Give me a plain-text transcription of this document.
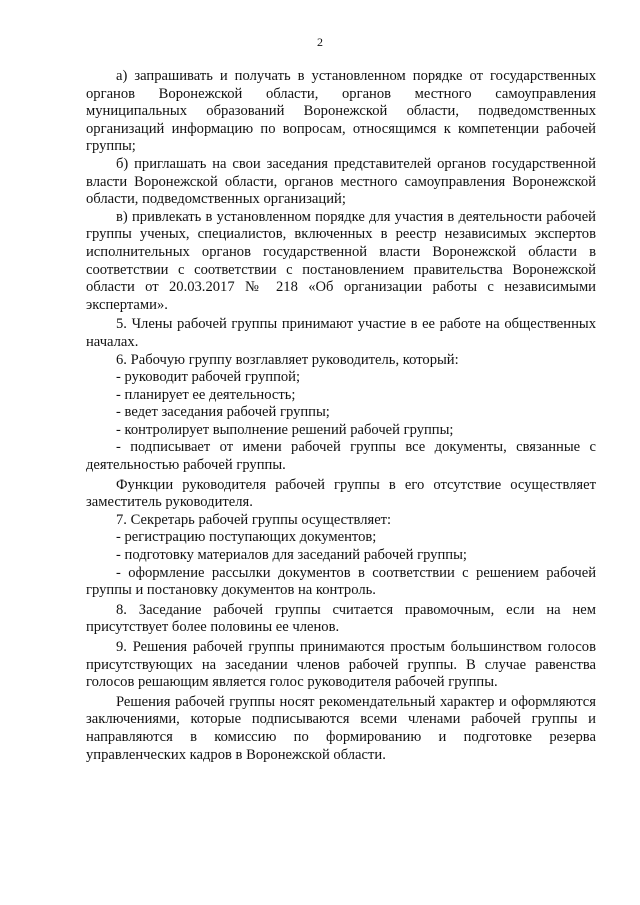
2

а) запрашивать и получать в установленном порядке от государственных органов Воронежской области, органов местного самоуправления муниципальных образований Воронежской области, подведомственных организаций информацию по вопросам, относящимся к компетенции рабочей группы;

б) приглашать на свои заседания представителей органов государственной власти Воронежской области, органов местного самоуправления Воронежской области, подведомственных организаций;

в) привлекать в установленном порядке для участия в деятельности рабочей группы ученых, специалистов, включенных в реестр независимых экспертов исполнительных органов государственной власти Воронежской области в соответствии с соответствии с постановлением правительства Воронежской области от 20.03.2017 № 218 «Об организации работы с независимыми экспертами».

5. Члены рабочей группы принимают участие в ее работе на общественных началах.

6. Рабочую группу возглавляет руководитель, который:

- руководит рабочей группой;

- планирует ее деятельность;

- ведет заседания рабочей группы;

- контролирует выполнение решений рабочей группы;

- подписывает от имени рабочей группы все документы, связанные с деятельностью рабочей группы.

Функции руководителя рабочей группы в его отсутствие осуществляет заместитель руководителя.

7. Секретарь рабочей группы осуществляет:

- регистрацию поступающих документов;

- подготовку материалов для заседаний рабочей группы;

- оформление рассылки документов в соответствии с решением рабочей группы и постановку документов на контроль.

8. Заседание рабочей группы считается правомочным, если на нем присутствует более половины ее членов.

9. Решения рабочей группы принимаются простым большинством голосов присутствующих на заседании членов рабочей группы. В случае равенства голосов решающим является голос руководителя рабочей группы.

Решения рабочей группы носят рекомендательный характер и оформляются заключениями, которые подписываются всеми членами рабочей группы и направляются в комиссию по формированию и подготовке резерва управленческих кадров в Воронежской области.
